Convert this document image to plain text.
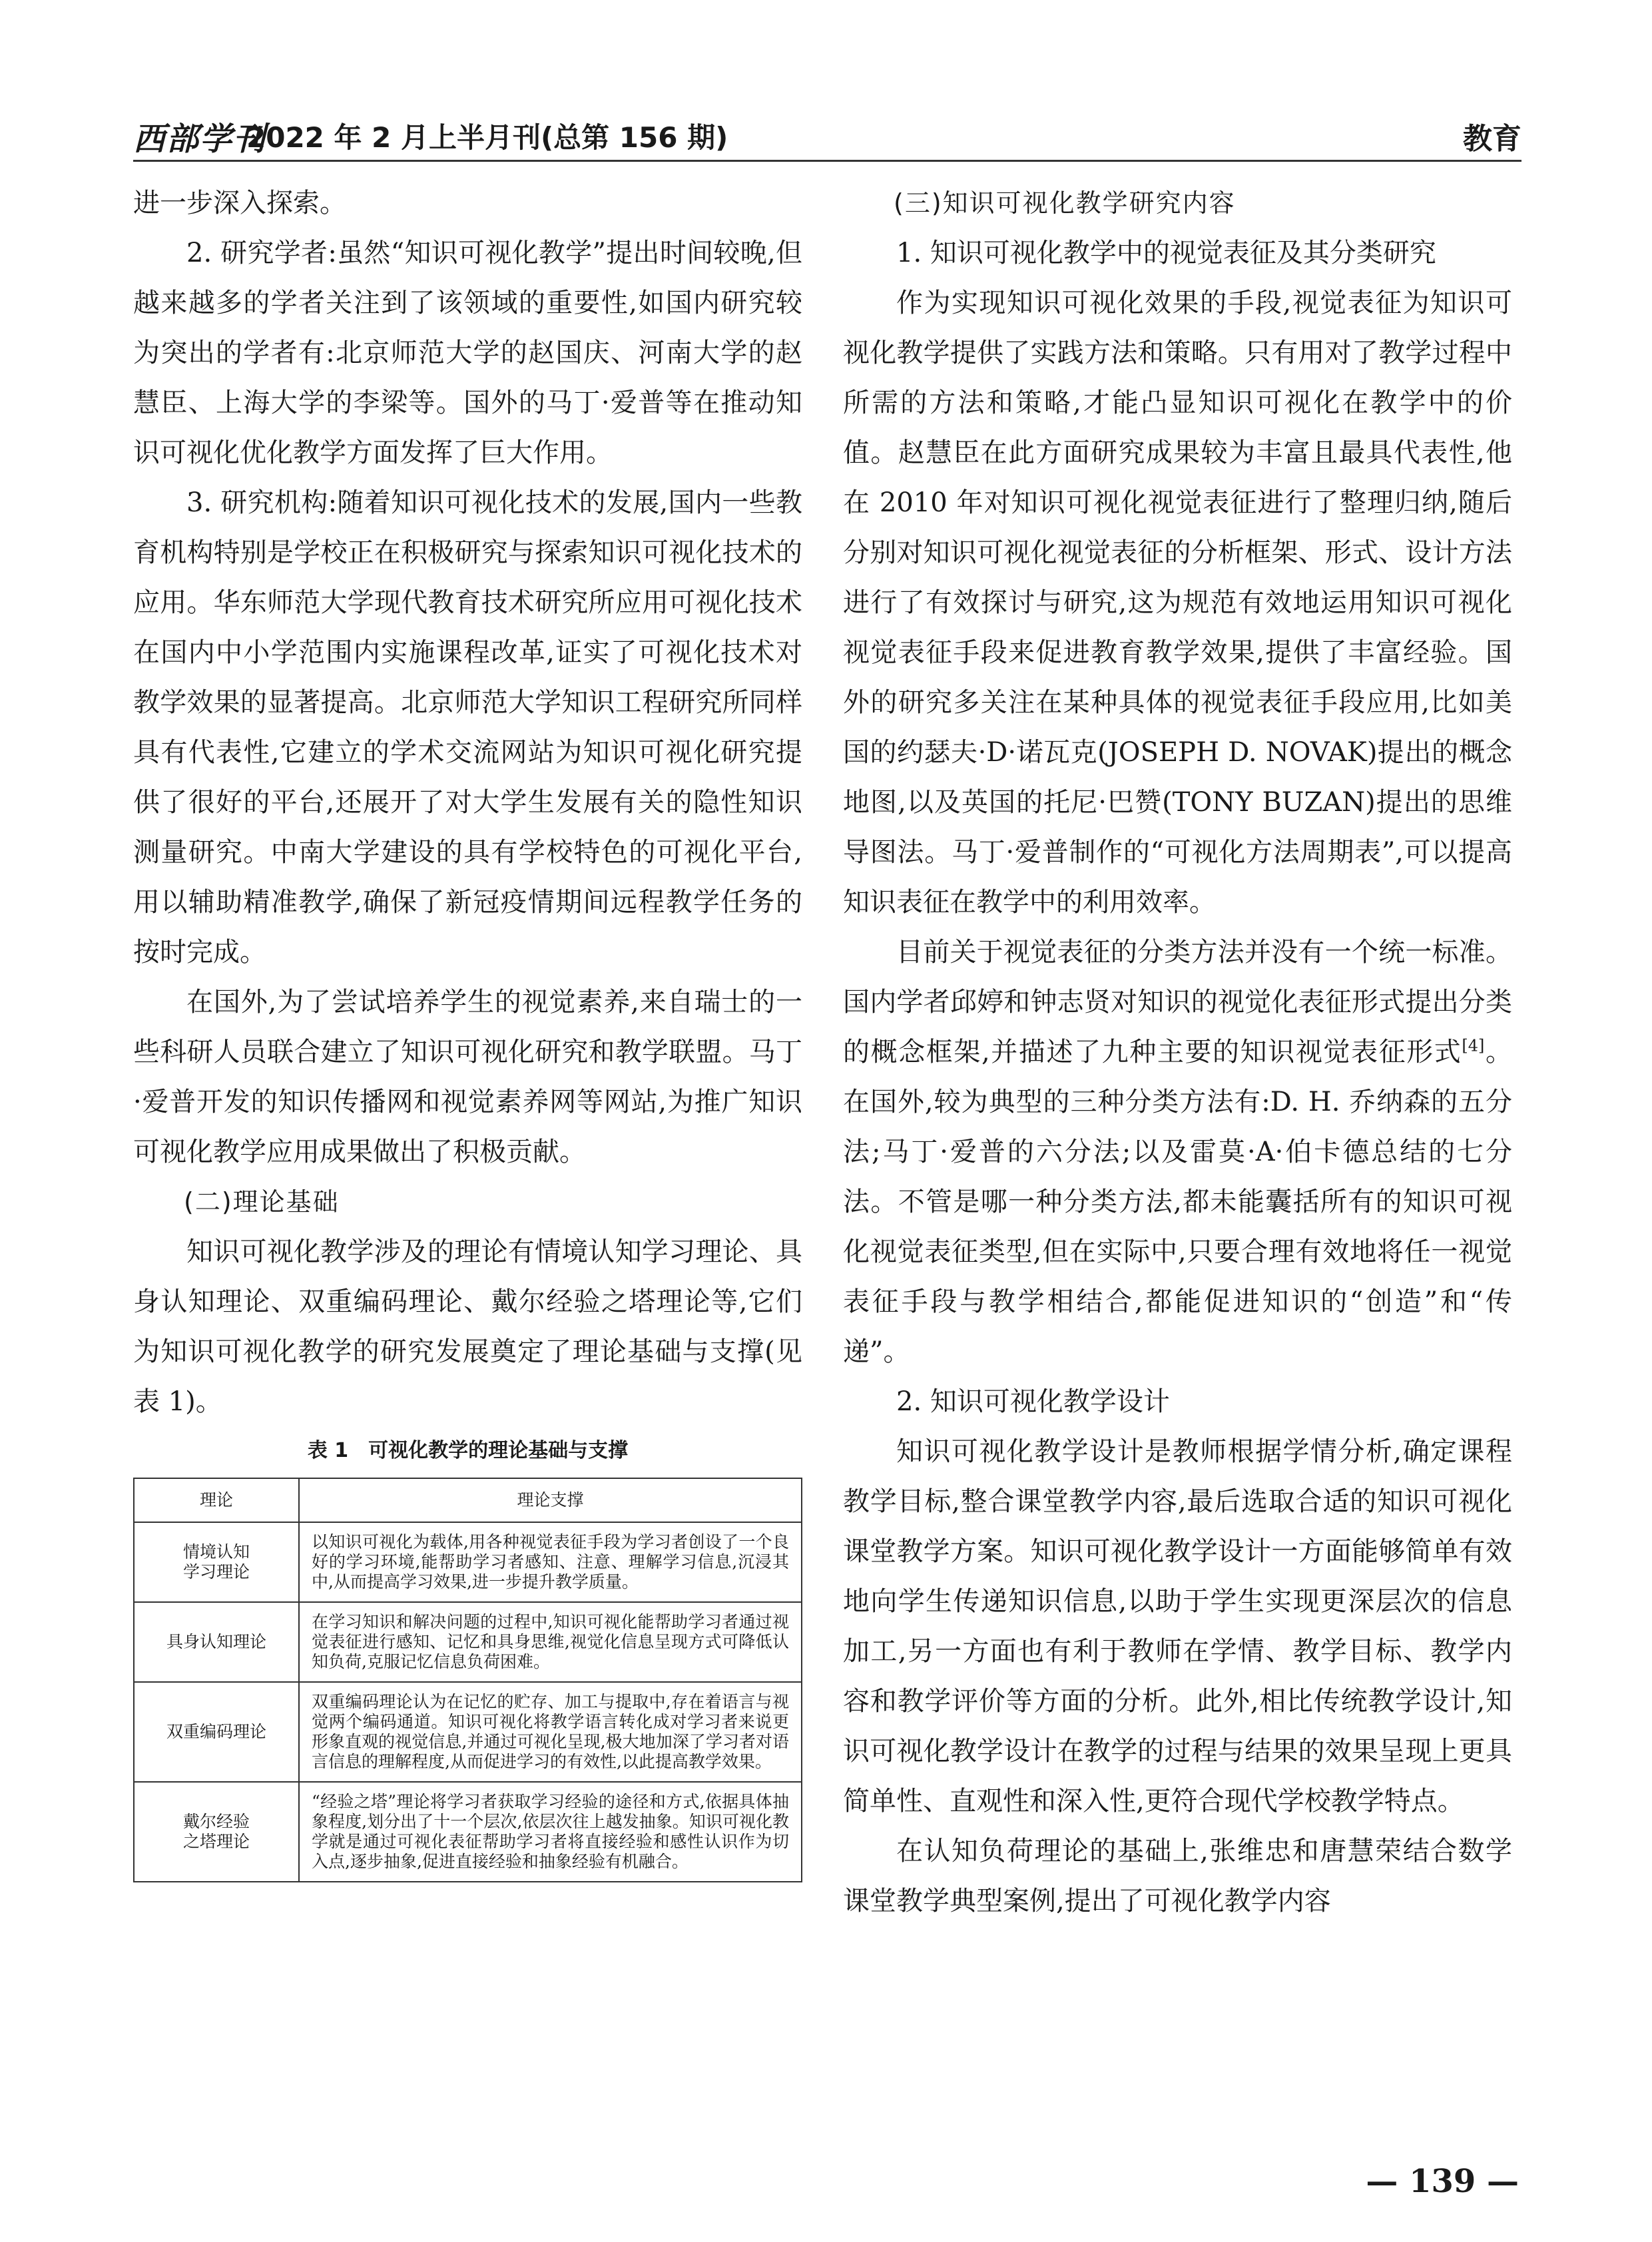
西部学刊
2022 年 2 月上半月刊(总第 156 期)	教育

进一步深入探索。

2. 研究学者:虽然“知识可视化教学”提出时间较晚,但越来越多的学者关注到了该领域的重要性,如国内研究较为突出的学者有:北京师范大学的赵国庆、河南大学的赵慧臣、上海大学的李梁等。国外的马丁·爱普等在推动知识可视化优化教学方面发挥了巨大作用。

3. 研究机构:随着知识可视化技术的发展,国内一些教育机构特别是学校正在积极研究与探索知识可视化技术的应用。华东师范大学现代教育技术研究所应用可视化技术在国内中小学范围内实施课程改革,证实了可视化技术对教学效果的显著提高。北京师范大学知识工程研究所同样具有代表性,它建立的学术交流网站为知识可视化研究提供了很好的平台,还展开了对大学生发展有关的隐性知识测量研究。中南大学建设的具有学校特色的可视化平台,用以辅助精准教学,确保了新冠疫情期间远程教学任务的按时完成。

在国外,为了尝试培养学生的视觉素养,来自瑞士的一些科研人员联合建立了知识可视化研究和教学联盟。马丁·爱普开发的知识传播网和视觉素养网等网站,为推广知识可视化教学应用成果做出了积极贡献。

(二)理论基础

知识可视化教学涉及的理论有情境认知学习理论、具身认知理论、双重编码理论、戴尔经验之塔理论等,它们为知识可视化教学的研究发展奠定了理论基础与支撑(见表 1)。

表 1　可视化教学的理论基础与支撑
理论	理论支撑
情境认知
学习理论	以知识可视化为载体,用各种视觉表征手段为学习者创设了一个良好的学习环境,能帮助学习者感知、注意、理解学习信息,沉浸其中,从而提高学习效果,进一步提升教学质量。
具身认知理论	在学习知识和解决问题的过程中,知识可视化能帮助学习者通过视觉表征进行感知、记忆和具身思维,视觉化信息呈现方式可降低认知负荷,克服记忆信息负荷困难。
双重编码理论	双重编码理论认为在记忆的贮存、加工与提取中,存在着语言与视觉两个编码通道。知识可视化将教学语言转化成对学习者来说更形象直观的视觉信息,并通过可视化呈现,极大地加深了学习者对语言信息的理解程度,从而促进学习的有效性,以此提高教学效果。
戴尔经验
之塔理论	“经验之塔”理论将学习者获取学习经验的途径和方式,依据具体抽象程度,划分出了十一个层次,依层次往上越发抽象。知识可视化教学就是通过可视化表征帮助学习者将直接经验和感性认识作为切入点,逐步抽象,促进直接经验和抽象经验有机融合。

(三)知识可视化教学研究内容

1. 知识可视化教学中的视觉表征及其分类研究

作为实现知识可视化效果的手段,视觉表征为知识可视化教学提供了实践方法和策略。只有用对了教学过程中所需的方法和策略,才能凸显知识可视化在教学中的价值。赵慧臣在此方面研究成果较为丰富且最具代表性,他在 2010 年对知识可视化视觉表征进行了整理归纳,随后分别对知识可视化视觉表征的分析框架、形式、设计方法进行了有效探讨与研究,这为规范有效地运用知识可视化视觉表征手段来促进教育教学效果,提供了丰富经验。国外的研究多关注在某种具体的视觉表征手段应用,比如美国的约瑟夫·D·诺瓦克(JOSEPH D. NOVAK)提出的概念地图,以及英国的托尼·巴赞(TONY BUZAN)提出的思维导图法。马丁·爱普制作的“可视化方法周期表”,可以提高知识表征在教学中的利用效率。

目前关于视觉表征的分类方法并没有一个统一标准。国内学者邱婷和钟志贤对知识的视觉化表征形式提出分类的概念框架,并描述了九种主要的知识视觉表征形式[4]。在国外,较为典型的三种分类方法有:D. H. 乔纳森的五分法;马丁·爱普的六分法;以及雷莫·A·伯卡德总结的七分法。不管是哪一种分类方法,都未能囊括所有的知识可视化视觉表征类型,但在实际中,只要合理有效地将任一视觉表征手段与教学相结合,都能促进知识的“创造”和“传递”。

2. 知识可视化教学设计

知识可视化教学设计是教师根据学情分析,确定课程教学目标,整合课堂教学内容,最后选取合适的知识可视化课堂教学方案。知识可视化教学设计一方面能够简单有效地向学生传递知识信息,以助于学生实现更深层次的信息加工,另一方面也有利于教师在学情、教学目标、教学内容和教学评价等方面的分析。此外,相比传统教学设计,知识可视化教学设计在教学的过程与结果的效果呈现上更具简单性、直观性和深入性,更符合现代学校教学特点。

在认知负荷理论的基础上,张维忠和唐慧荣结合数学课堂教学典型案例,提出了可视化教学内容

— 139 —
